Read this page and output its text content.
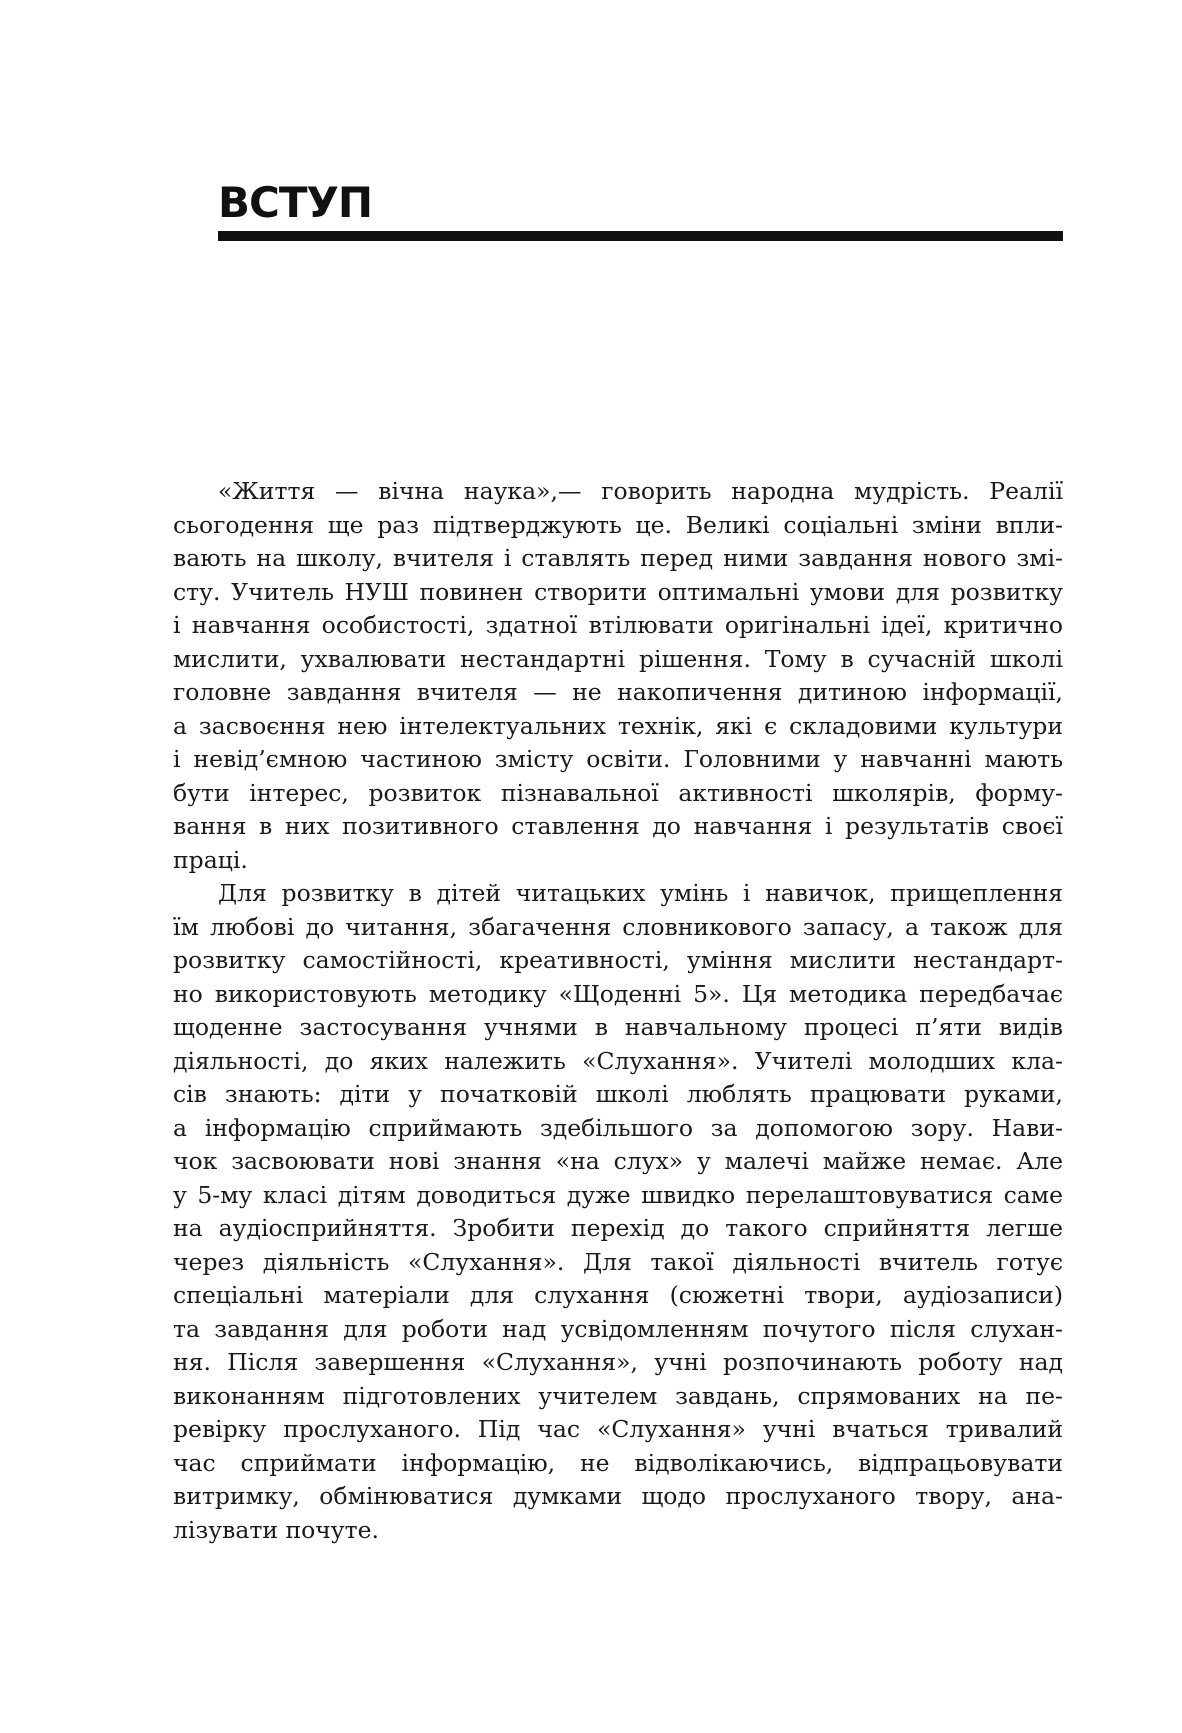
ВСТУП
«Життя — вічна наука»,— говорить народна мудрість. Реалії
сьогодення ще раз підтверджують це. Великі соціальні зміни впли-
вають на школу, вчителя і ставлять перед ними завдання нового змі-
сту. Учитель НУШ повинен створити оптимальні умови для розвитку
і навчання особистості, здатної втілювати оригінальні ідеї, критично
мислити, ухвалювати нестандартні рішення. Тому в сучасній школі
головне завдання вчителя — не накопичення дитиною інформації,
а засвоєння нею інтелектуальних технік, які є складовими культури
і невід’ємною частиною змісту освіти. Головними у навчанні мають
бути інтерес, розвиток пізнавальної активності школярів, форму-
вання в них позитивного ставлення до навчання і результатів своєї
праці.
Для розвитку в дітей читацьких умінь і навичок, прищеплення
їм любові до читання, збагачення словникового запасу, а також для
розвитку самостійності, креативності, уміння мислити нестандарт-
но використовують методику «Щоденні 5». Ця методика передбачає
щоденне застосування учнями в навчальному процесі п’яти видів
діяльності, до яких належить «Слухання». Учителі молодших кла-
сів знають: діти у початковій школі люблять працювати руками,
а інформацію сприймають здебільшого за допомогою зору. Нави-
чок засвоювати нові знання «на слух» у малечі майже немає. Але
у 5-му класі дітям доводиться дуже швидко перелаштовуватися саме
на аудіосприйняття. Зробити перехід до такого сприйняття легше
через діяльність «Слухання». Для такої діяльності вчитель готує
спеціальні матеріали для слухання (сюжетні твори, аудіозаписи)
та завдання для роботи над усвідомленням почутого після слухан-
ня. Після завершення «Слухання», учні розпочинають роботу над
виконанням підготовлених учителем завдань, спрямованих на пе-
ревірку прослуханого. Під час «Слухання» учні вчаться тривалий
час сприймати інформацію, не відволікаючись, відпрацьовувати
витримку, обмінюватися думками щодо прослуханого твору, ана-
лізувати почуте.
